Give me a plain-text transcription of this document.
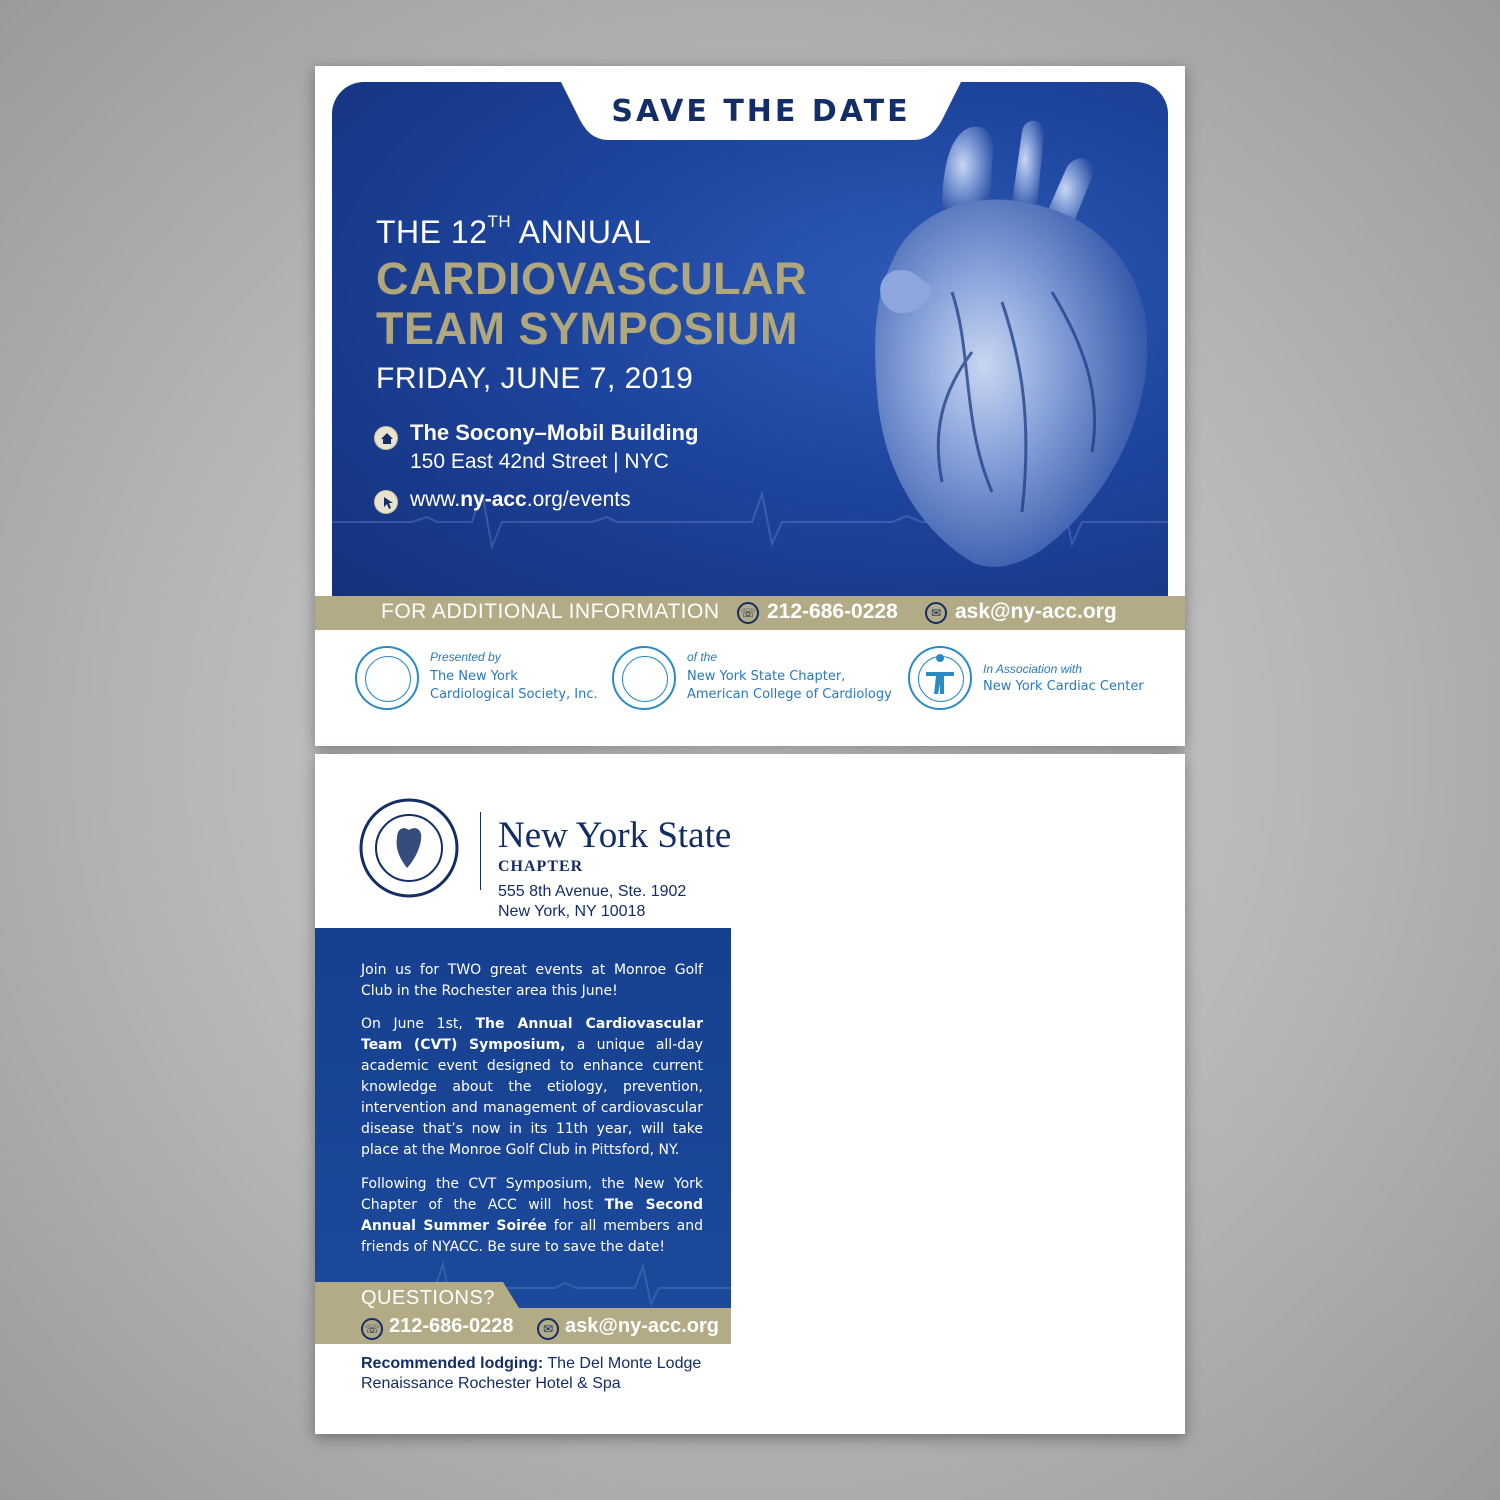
SAVE THE DATE
THE 12TH ANNUAL
CARDIOVASCULAR
TEAM SYMPOSIUM
FRIDAY, JUNE 7, 2019
The Socony–Mobil Building
150 East 42nd Street | NYC
www.ny-acc.org/events
FOR ADDITIONAL INFORMATION ☏ 212-686-0228	✉ ask@ny-acc.org
Presented by
The New York
Cardiological Society, Inc.
of the
New York State Chapter,
American College of Cardiology
In Association with
New York Cardiac Center
New York State
CHAPTER
555 8th Avenue, Ste. 1902
New York, NY 10018
Join us for TWO great events at Monroe Golf Club in the Rochester area this June!
On June 1st, The Annual Cardiovascular Team (CVT) Symposium, a unique all-day academic event designed to enhance current knowledge about the etiology, prevention, intervention and management of cardiovascular disease that’s now in its 11th year, will take place at the Monroe Golf Club in Pittsford, NY.
Following the CVT Symposium, the New York Chapter of the ACC will host The Second Annual Summer Soirée for all members and friends of NYACC. Be sure to save the date!
QUESTIONS?
☏ 212-686-0228	✉ ask@ny-acc.org
Recommended lodging: The Del Monte Lodge
Renaissance Rochester Hotel & Spa
